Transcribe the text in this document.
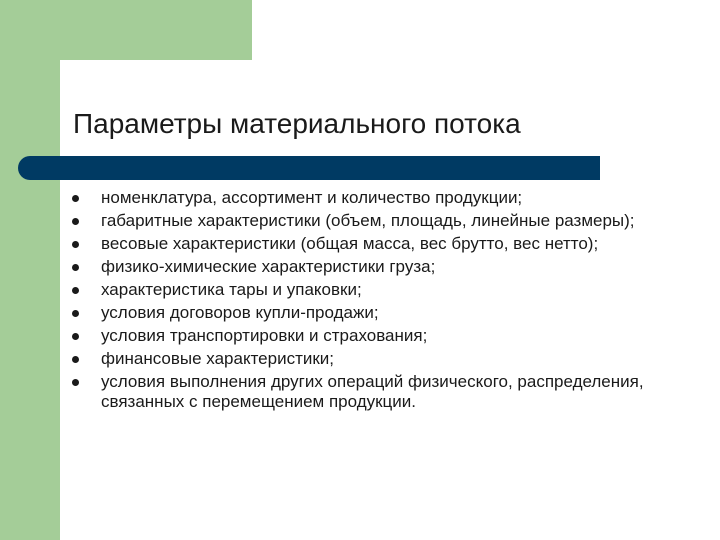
Параметры материального потока
номенклатура, ассортимент и количество продукции;
габаритные характеристики (объем, площадь, линейные размеры);
весовые характеристики (общая масса, вес брутто, вес нетто);
физико-химические характеристики груза;
характеристика тары и упаковки;
условия договоров купли-продажи;
условия транспортировки и страхования;
финансовые характеристики;
условия выполнения других операций физического, распределения, связанных с перемещением продукции.
